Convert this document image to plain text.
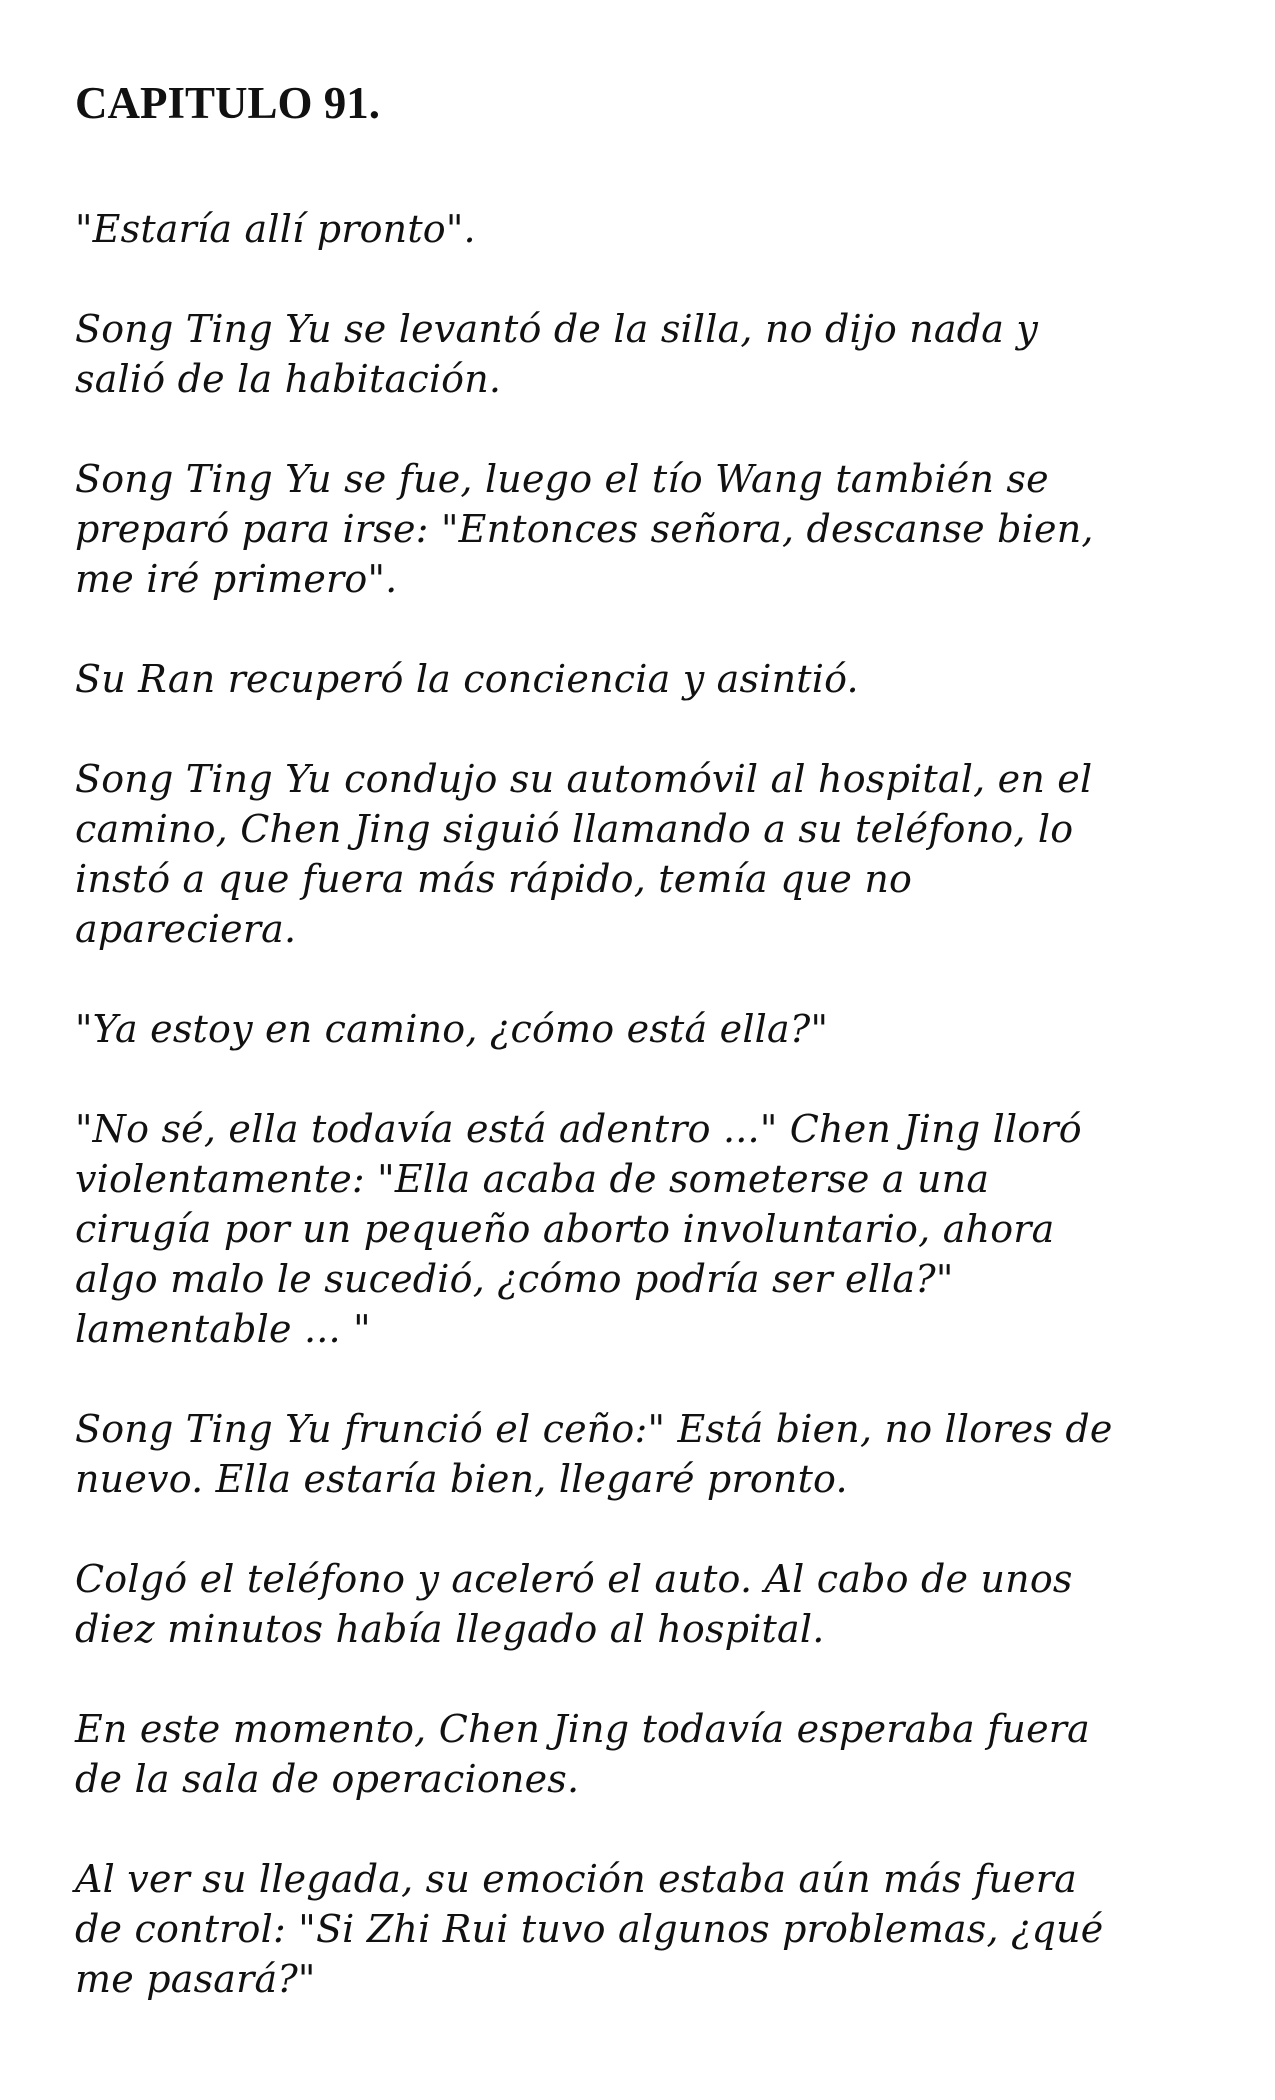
CAPITULO 91.

"Estaría allí pronto".

Song Ting Yu se levantó de la silla, no dijo nada y
salió de la habitación.

Song Ting Yu se fue, luego el tío Wang también se
preparó para irse: "Entonces señora, descanse bien,
me iré primero".

Su Ran recuperó la conciencia y asintió.

Song Ting Yu condujo su automóvil al hospital, en el
camino, Chen Jing siguió llamando a su teléfono, lo
instó a que fuera más rápido, temía que no
apareciera.

"Ya estoy en camino, ¿cómo está ella?"

"No sé, ella todavía está adentro ..." Chen Jing lloró
violentamente: "Ella acaba de someterse a una
cirugía por un pequeño aborto involuntario, ahora
algo malo le sucedió, ¿cómo podría ser ella?"
lamentable ... "

Song Ting Yu frunció el ceño:" Está bien, no llores de
nuevo. Ella estaría bien, llegaré pronto.

Colgó el teléfono y aceleró el auto. Al cabo de unos
diez minutos había llegado al hospital.

En este momento, Chen Jing todavía esperaba fuera
de la sala de operaciones.

Al ver su llegada, su emoción estaba aún más fuera
de control: "Si Zhi Rui tuvo algunos problemas, ¿qué
me pasará?"
